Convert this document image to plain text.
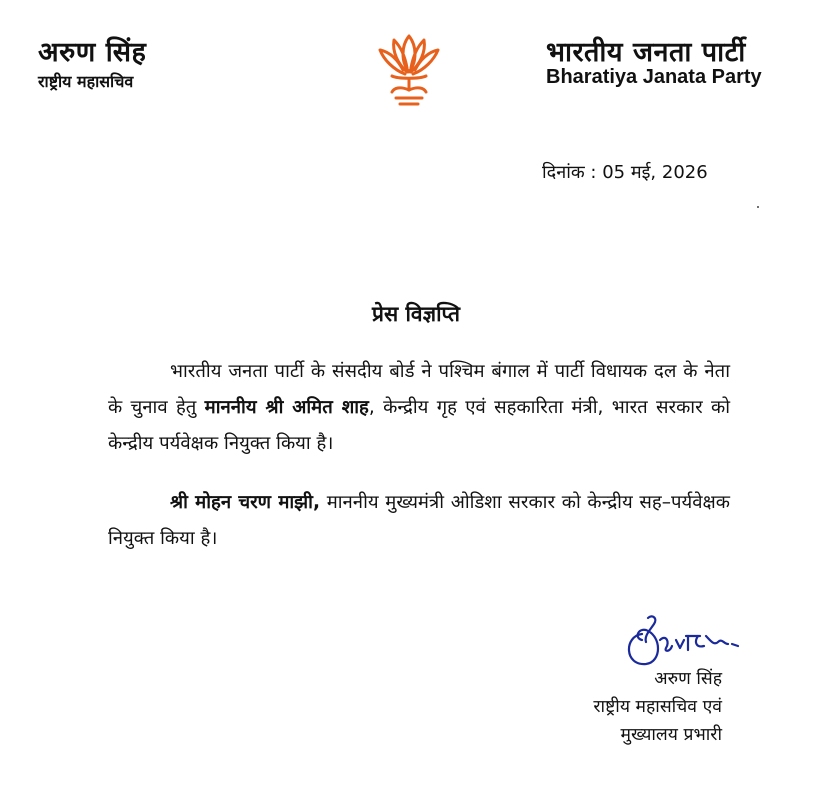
अरुण सिंह
राष्ट्रीय महासचिव
भारतीय जनता पार्टी
Bharatiya Janata Party
दिनांक : 05 मई, 2026
प्रेस विज्ञप्ति
भारतीय जनता पार्टी के संसदीय बोर्ड ने पश्चिम बंगाल में पार्टी विधायक दल के नेता के चुनाव हेतु माननीय श्री अमित शाह, केन्द्रीय गृह एवं सहकारिता मंत्री, भारत सरकार को केन्द्रीय पर्यवेक्षक नियुक्त किया है।
श्री मोहन चरण माझी, माननीय मुख्यमंत्री ओडिशा सरकार को केन्द्रीय सह–पर्यवेक्षक नियुक्त किया है।
अरुण सिंह
राष्ट्रीय महासचिव एवं
मुख्यालय प्रभारी
